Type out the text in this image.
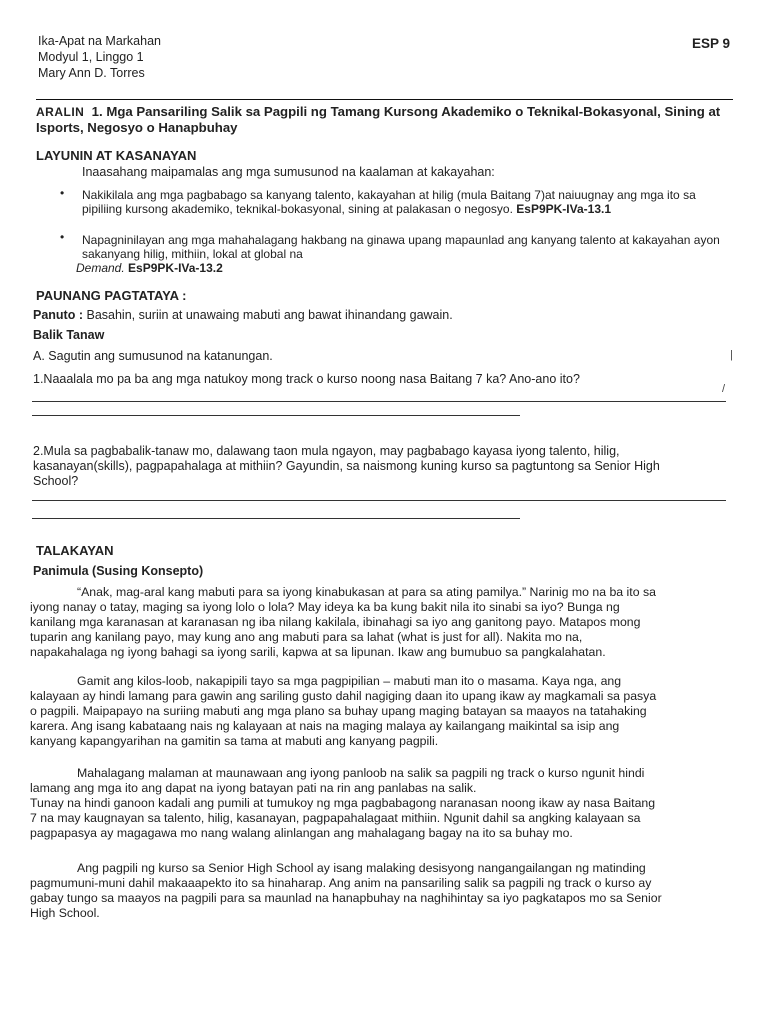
Ika-Apat na Markahan
Modyul 1, Linggo 1
Mary Ann D. Torres
ESP 9
ARALIN 1. Mga Pansariling Salik sa Pagpili ng Tamang Kursong Akademiko o Teknikal-Bokasyonal, Sining at Isports, Negosyo o Hanapbuhay
LAYUNIN AT KASANAYAN
Inaasahang maipamalas ang mga sumusunod na kaalaman at kakayahan:
• Nakikilala ang mga pagbabago sa kanyang talento, kakayahan at hilig (mula Baitang 7)at naiuugnay ang mga ito sa pipiliing kursong akademiko, teknikal-bokasyonal, sining at palakasan o negosyo. EsP9PK-IVa-13.1
• Napagninilayan ang mga mahahalagang hakbang na ginawa upang mapaunlad ang kanyang talento at kakayahan ayon sakanyang hilig, mithiin, lokal at global na
Demand. EsP9PK-IVa-13.2
PAUNANG PAGTATAYA :
Panuto : Basahin, suriin at unawaing mabuti ang bawat ihinandang gawain.
Balik Tanaw
A. Sagutin ang sumusunod na katanungan.	|
1.Naaalala mo pa ba ang mga natukoy mong track o kurso noong nasa Baitang 7 ka? Ano-ano ito?
/
2.Mula sa pagbabalik-tanaw mo, dalawang taon mula ngayon, may pagbabago kayasa iyong talento, hilig,
kasanayan(skills), pagpapahalaga at mithiin? Gayundin, sa naismong kuning kurso sa pagtuntong sa Senior High
School?
TALAKAYAN
Panimula (Susing Konsepto)

“Anak, mag-aral kang mabuti para sa iyong kinabukasan at para sa ating pamilya.” Narinig mo na ba ito sa

iyong nanay o tatay, maging sa iyong lolo o lola? May ideya ka ba kung bakit nila ito sinabi sa iyo? Bunga ng

kanilang mga karanasan at karanasan ng iba nilang kakilala, ibinahagi sa iyo ang ganitong payo. Matapos mong

tuparin ang kanilang payo, may kung ano ang mabuti para sa lahat (what is just for all). Nakita mo na,

napakahalaga ng iyong bahagi sa iyong sarili, kapwa at sa lipunan. Ikaw ang bumubuo sa pangkalahatan.

Gamit ang kilos-loob, nakapipili tayo sa mga pagpipilian – mabuti man ito o masama. Kaya nga, ang

kalayaan ay hindi lamang para gawin ang sariling gusto dahil nagiging daan ito upang ikaw ay magkamali sa pasya

o pagpili. Maipapayo na suriing mabuti ang mga plano sa buhay upang maging batayan sa maayos na tatahaking

karera. Ang isang kabataang nais ng kalayaan at nais na maging malaya ay kailangang maikintal sa isip ang

kanyang kapangyarihan na gamitin sa tama at mabuti ang kanyang pagpili.

Mahalagang malaman at maunawaan ang iyong panloob na salik sa pagpili ng track o kurso ngunit hindi

lamang ang mga ito ang dapat na iyong batayan pati na rin ang panlabas na salik.

Tunay na hindi ganoon kadali ang pumili at tumukoy ng mga pagbabagong naranasan noong ikaw ay nasa Baitang

7 na may kaugnayan sa talento, hilig, kasanayan, pagpapahalagaat mithiin. Ngunit dahil sa angking kalayaan sa

pagpapasya ay magagawa mo nang walang alinlangan ang mahalagang bagay na ito sa buhay mo.

Ang pagpili ng kurso sa Senior High School ay isang malaking desisyong nangangailangan ng matinding

pagmumuni-muni dahil makaaapekto ito sa hinaharap. Ang anim na pansariling salik sa pagpili ng track o kurso ay

gabay tungo sa maayos na pagpili para sa maunlad na hanapbuhay na naghihintay sa iyo pagkatapos mo sa Senior

High School.
